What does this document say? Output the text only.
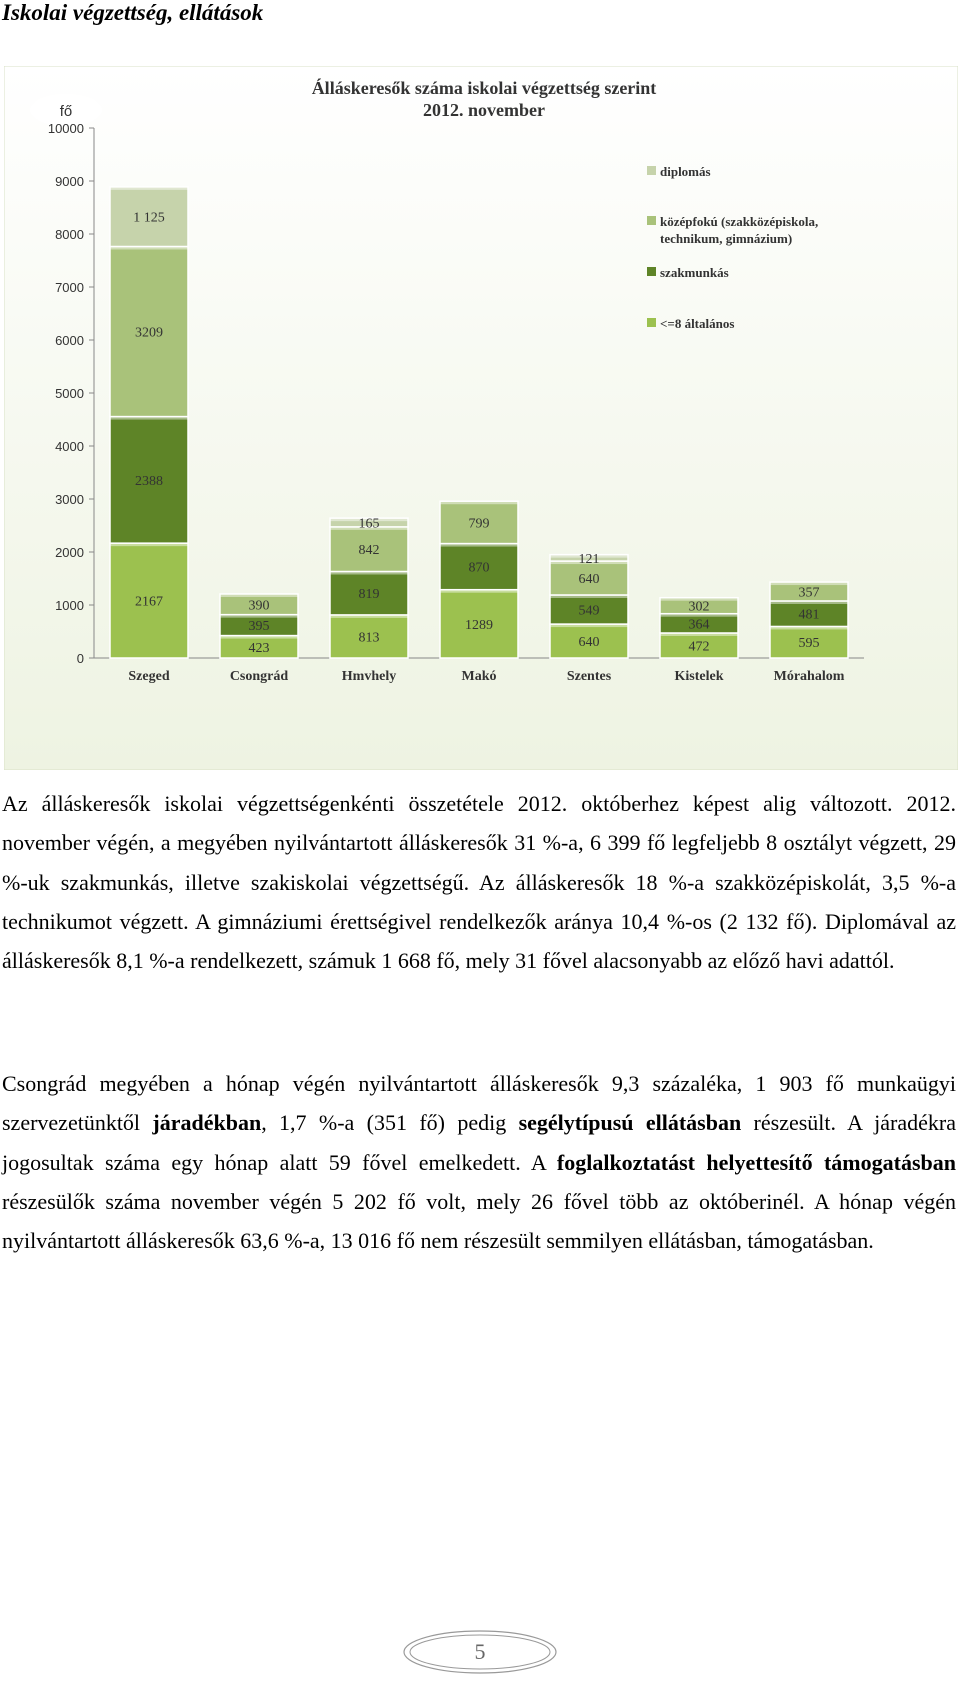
Iskolai végzettség, ellátások
Álláskeresők száma iskolai végzettség szerint
2012. november
fő
0
1000
2000
3000
4000
5000
6000
7000
8000
9000
10000
2167
2388
3209
1 125
Szeged
423
395
390
Csongrád
813
819
842
165
Hmvhely
1289
870
799
Makó
640
549
640
121
Szentes
472
364
302
Kistelek
595
481
357
Mórahalom
diplomás
középfokú (szakközépiskola,
technikum, gimnázium)
szakmunkás
<=8 általános

Az álláskeresők iskolai végzettségenkénti összetétele 2012. októberhez képest alig változott. 2012. november végén, a megyében nyilvántartott álláskeresők 31 %-a, 6 399 fő legfeljebb 8 osztályt végzett, 29 %-uk szakmunkás, illetve szakiskolai végzettségű. Az álláskeresők 18 %-a szakközépiskolát, 3,5 %-a technikumot végzett. A gimnáziumi érettségivel rendelkezők aránya 10,4 %-os (2 132 fő). Diplomával az álláskeresők 8,1 %-a rendelkezett, számuk 1 668 fő, mely 31 fővel alacsonyabb az előző havi adattól.

Csongrád megyében a hónap végén nyilvántartott álláskeresők 9,3 százaléka, 1 903 fő munkaügyi szervezetünktől járadékban, 1,7 %-a (351 fő) pedig segélytípusú ellátásban részesült. A járadékra jogosultak száma egy hónap alatt 59 fővel emelkedett. A foglalkoztatást helyettesítő támogatásban részesülők száma november végén 5 202 fő volt, mely 26 fővel több az októberinél. A hónap végén nyilvántartott álláskeresők 63,6 %-a, 13 016 fő nem részesült semmilyen ellátásban, támogatásban.

5
